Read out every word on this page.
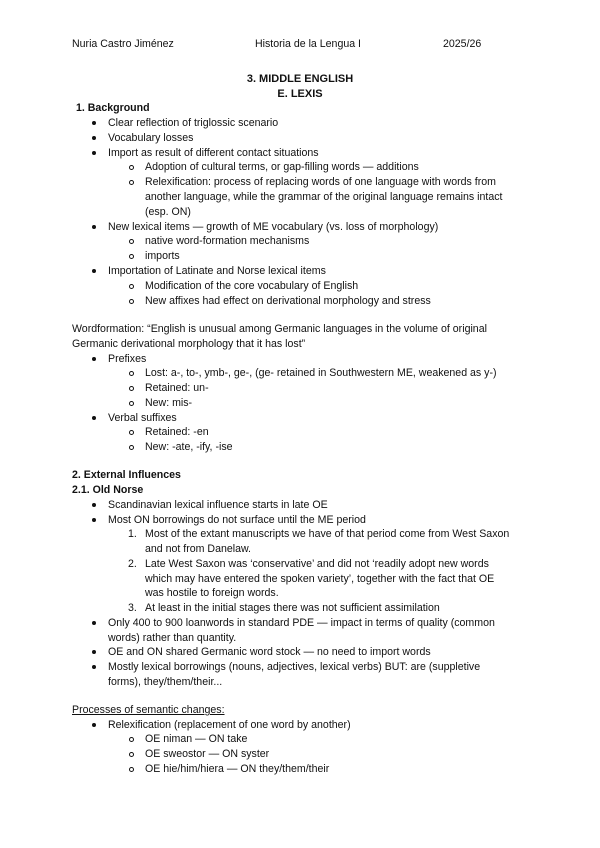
Nuria Castro Jiménez	Historia de la Lengua I	2025/26
3. MIDDLE ENGLISH
E. LEXIS
1. Background
Clear reflection of triglossic scenario
Vocabulary losses
Import as result of different contact situations
Adoption of cultural terms, or gap-filling words — additions
Relexification: process of replacing words of one language with words from
another language, while the grammar of the original language remains intact
(esp. ON)
New lexical items — growth of ME vocabulary (vs. loss of morphology)
native word-formation mechanisms
imports
Importation of Latinate and Norse lexical items
Modification of the core vocabulary of English
New affixes had effect on derivational morphology and stress
Wordformation: “English is unusual among Germanic languages in the volume of original
Germanic derivational morphology that it has lost”
Prefixes
Lost: a-, to-, ymb-, ge-, (ge- retained in Southwestern ME, weakened as y-)
Retained: un-
New: mis-
Verbal suffixes
Retained: -en
New: -ate, -ify, -ise
2. External Influences
2.1. Old Norse
Scandinavian lexical influence starts in late OE
Most ON borrowings do not surface until the ME period
1. Most of the extant manuscripts we have of that period come from West Saxon
and not from Danelaw.
2. Late West Saxon was ‘conservative’ and did not ‘readily adopt new words
which may have entered the spoken variety’, together with the fact that OE
was hostile to foreign words.
3. At least in the initial stages there was not sufficient assimilation
Only 400 to 900 loanwords in standard PDE — impact in terms of quality (common
words) rather than quantity.
OE and ON shared Germanic word stock — no need to import words
Mostly lexical borrowings (nouns, adjectives, lexical verbs) BUT: are (suppletive
forms), they/them/their...
Processes of semantic changes:
Relexification (replacement of one word by another)
OE niman — ON take
OE sweostor — ON syster
OE hie/him/hiera — ON they/them/their
